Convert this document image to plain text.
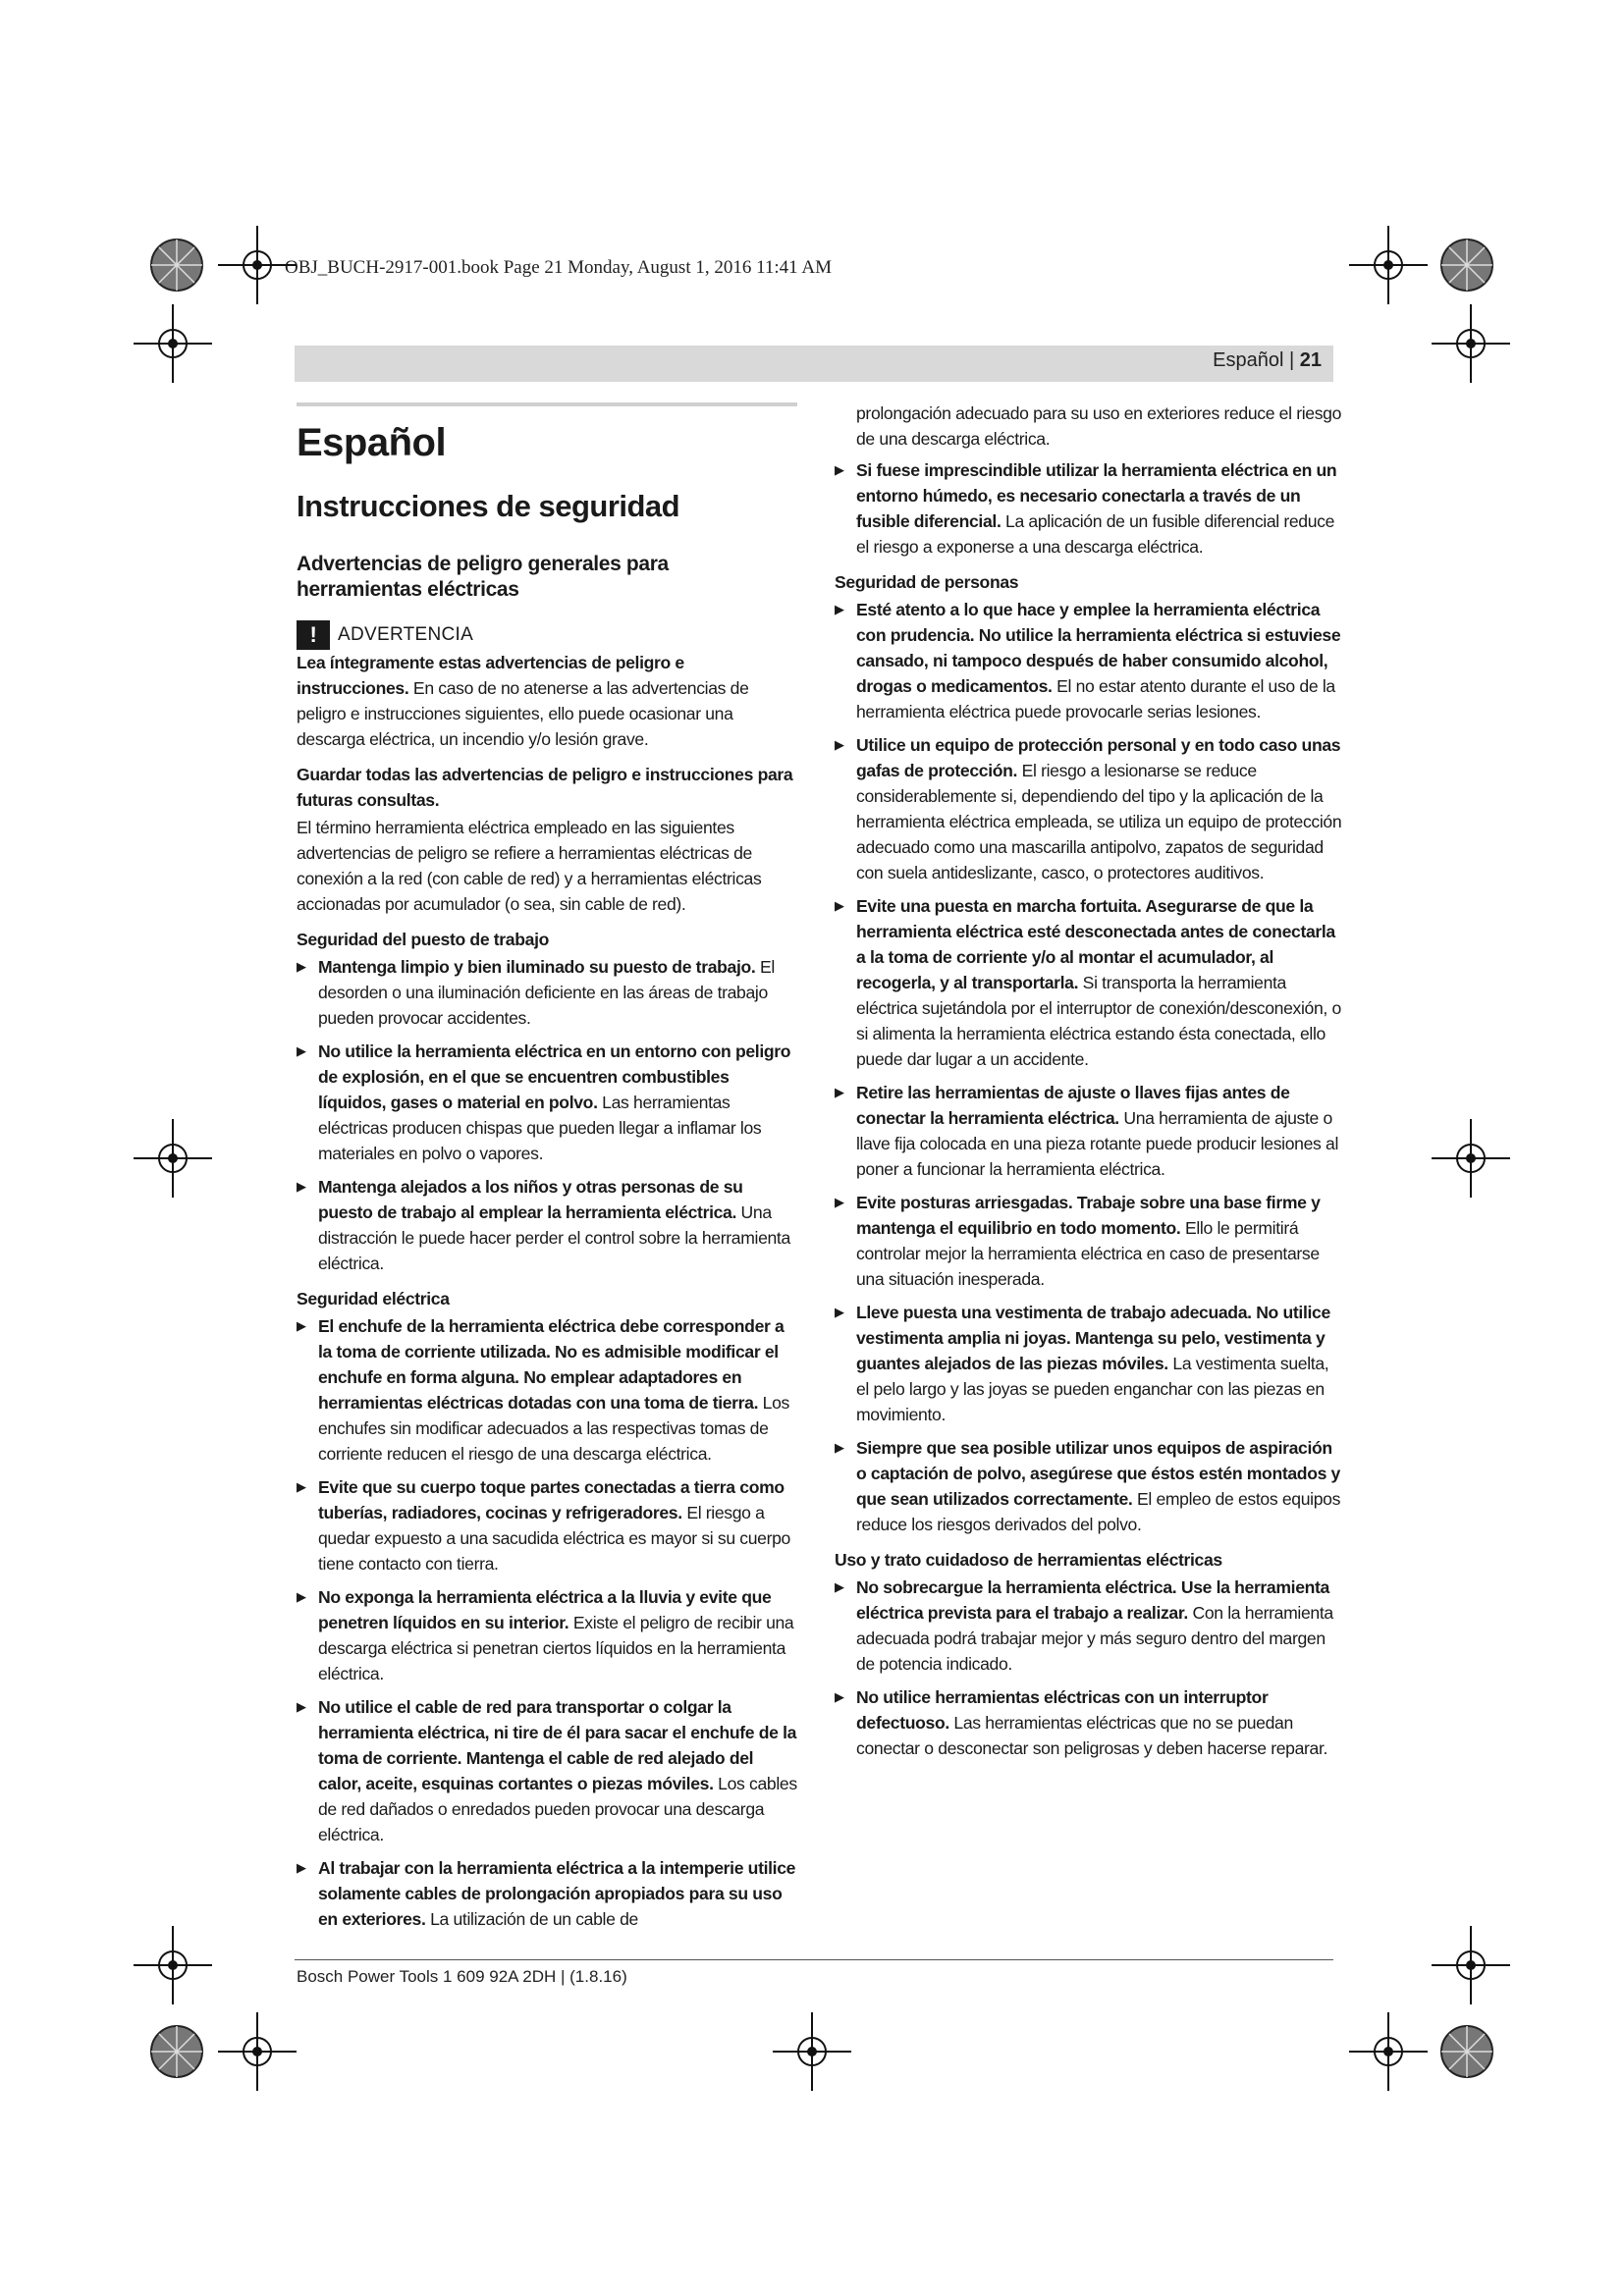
OBJ_BUCH-2917-001.book Page 21 Monday, August 1, 2016 11:41 AM
Español | 21
Español
Instrucciones de seguridad
Advertencias de peligro generales para herramientas eléctricas
! ADVERTENCIA

Lea íntegramente estas advertencias de peligro e instrucciones. En caso de no atenerse a las advertencias de peligro e instrucciones siguientes, ello puede ocasionar una descarga eléctrica, un incendio y/o lesión grave.

Guardar todas las advertencias de peligro e instrucciones para futuras consultas.

El término herramienta eléctrica empleado en las siguientes advertencias de peligro se refiere a herramientas eléctricas de conexión a la red (con cable de red) y a herramientas eléctricas accionadas por acumulador (o sea, sin cable de red).

Seguridad del puesto de trabajo
▶ Mantenga limpio y bien iluminado su puesto de trabajo. El desorden o una iluminación deficiente en las áreas de trabajo pueden provocar accidentes.
▶ No utilice la herramienta eléctrica en un entorno con peligro de explosión, en el que se encuentren combustibles líquidos, gases o material en polvo. Las herramientas eléctricas producen chispas que pueden llegar a inflamar los materiales en polvo o vapores.
▶ Mantenga alejados a los niños y otras personas de su puesto de trabajo al emplear la herramienta eléctrica. Una distracción le puede hacer perder el control sobre la herramienta eléctrica.
Seguridad eléctrica
▶ El enchufe de la herramienta eléctrica debe corresponder a la toma de corriente utilizada. No es admisible modificar el enchufe en forma alguna. No emplear adaptadores en herramientas eléctricas dotadas con una toma de tierra. Los enchufes sin modificar adecuados a las respectivas tomas de corriente reducen el riesgo de una descarga eléctrica.
▶ Evite que su cuerpo toque partes conectadas a tierra como tuberías, radiadores, cocinas y refrigeradores. El riesgo a quedar expuesto a una sacudida eléctrica es mayor si su cuerpo tiene contacto con tierra.
▶ No exponga la herramienta eléctrica a la lluvia y evite que penetren líquidos en su interior. Existe el peligro de recibir una descarga eléctrica si penetran ciertos líquidos en la herramienta eléctrica.
▶ No utilice el cable de red para transportar o colgar la herramienta eléctrica, ni tire de él para sacar el enchufe de la toma de corriente. Mantenga el cable de red alejado del calor, aceite, esquinas cortantes o piezas móviles. Los cables de red dañados o enredados pueden provocar una descarga eléctrica.
▶ Al trabajar con la herramienta eléctrica a la intemperie utilice solamente cables de prolongación apropiados para su uso en exteriores. La utilización de un cable de

prolongación adecuado para su uso en exteriores reduce el riesgo de una descarga eléctrica.

▶ Si fuese imprescindible utilizar la herramienta eléctrica en un entorno húmedo, es necesario conectarla a través de un fusible diferencial. La aplicación de un fusible diferencial reduce el riesgo a exponerse a una descarga eléctrica.
Seguridad de personas
▶ Esté atento a lo que hace y emplee la herramienta eléctrica con prudencia. No utilice la herramienta eléctrica si estuviese cansado, ni tampoco después de haber consumido alcohol, drogas o medicamentos. El no estar atento durante el uso de la herramienta eléctrica puede provocarle serias lesiones.
▶ Utilice un equipo de protección personal y en todo caso unas gafas de protección. El riesgo a lesionarse se reduce considerablemente si, dependiendo del tipo y la aplicación de la herramienta eléctrica empleada, se utiliza un equipo de protección adecuado como una mascarilla antipolvo, zapatos de seguridad con suela antideslizante, casco, o protectores auditivos.
▶ Evite una puesta en marcha fortuita. Asegurarse de que la herramienta eléctrica esté desconectada antes de conectarla a la toma de corriente y/o al montar el acumulador, al recogerla, y al transportarla. Si transporta la herramienta eléctrica sujetándola por el interruptor de conexión/desconexión, o si alimenta la herramienta eléctrica estando ésta conectada, ello puede dar lugar a un accidente.
▶ Retire las herramientas de ajuste o llaves fijas antes de conectar la herramienta eléctrica. Una herramienta de ajuste o llave fija colocada en una pieza rotante puede producir lesiones al poner a funcionar la herramienta eléctrica.
▶ Evite posturas arriesgadas. Trabaje sobre una base firme y mantenga el equilibrio en todo momento. Ello le permitirá controlar mejor la herramienta eléctrica en caso de presentarse una situación inesperada.
▶ Lleve puesta una vestimenta de trabajo adecuada. No utilice vestimenta amplia ni joyas. Mantenga su pelo, vestimenta y guantes alejados de las piezas móviles. La vestimenta suelta, el pelo largo y las joyas se pueden enganchar con las piezas en movimiento.
▶ Siempre que sea posible utilizar unos equipos de aspiración o captación de polvo, asegúrese que éstos estén montados y que sean utilizados correctamente. El empleo de estos equipos reduce los riesgos derivados del polvo.
Uso y trato cuidadoso de herramientas eléctricas
▶ No sobrecargue la herramienta eléctrica. Use la herramienta eléctrica prevista para el trabajo a realizar. Con la herramienta adecuada podrá trabajar mejor y más seguro dentro del margen de potencia indicado.
▶ No utilice herramientas eléctricas con un interruptor defectuoso. Las herramientas eléctricas que no se puedan conectar o desconectar son peligrosas y deben hacerse reparar.
Bosch Power Tools 1 609 92A 2DH | (1.8.16)
